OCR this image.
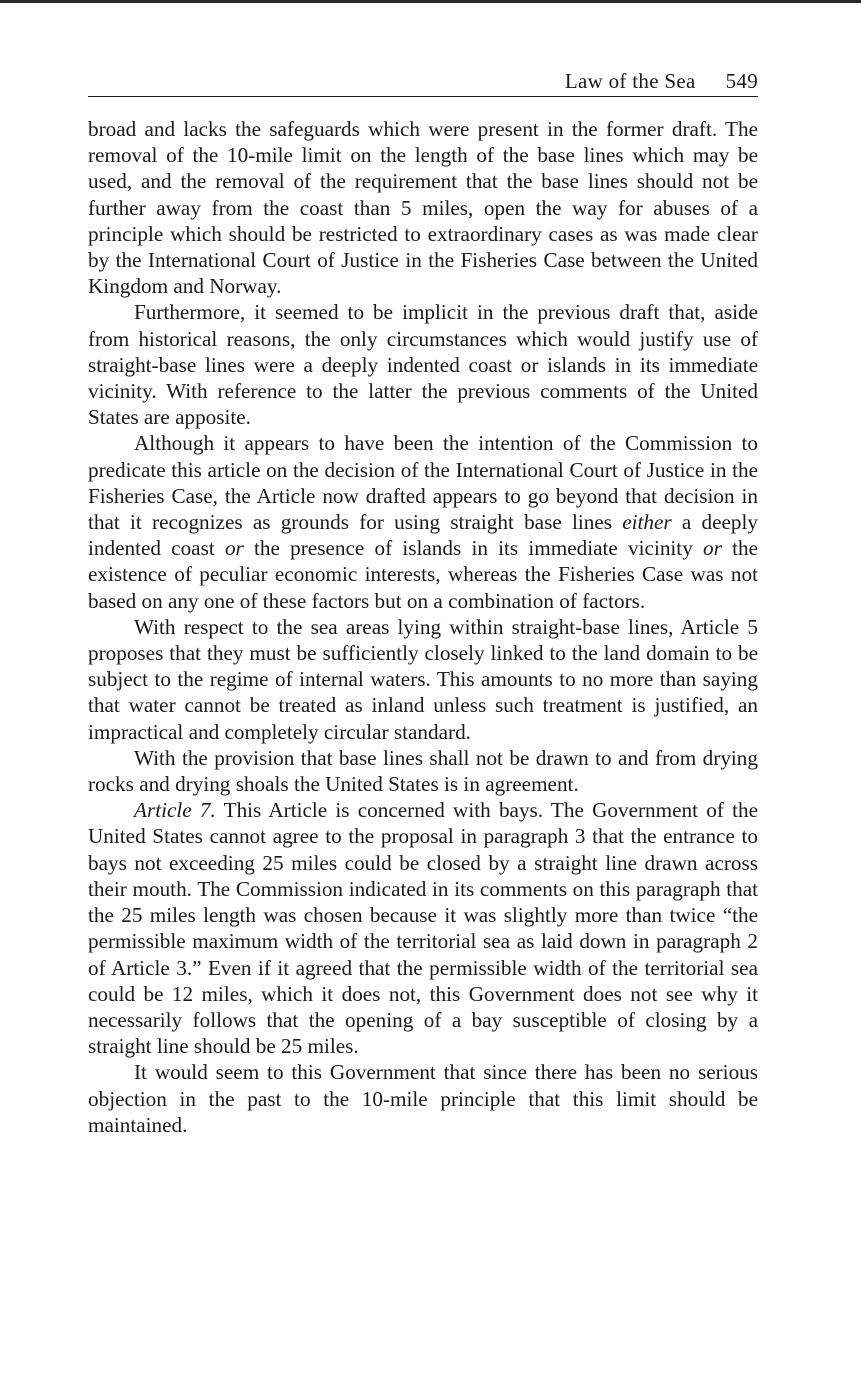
Law of the Sea 549

broad and lacks the safeguards which were present in the former draft. The removal of the 10-mile limit on the length of the base lines which may be used, and the removal of the requirement that the base lines should not be further away from the coast than 5 miles, open the way for abuses of a principle which should be restricted to extraordinary cases as was made clear by the International Court of Justice in the Fisheries Case between the United Kingdom and Norway.

Furthermore, it seemed to be implicit in the previous draft that, aside from historical reasons, the only circumstances which would justify use of straight-base lines were a deeply indented coast or islands in its immediate vicinity. With reference to the latter the previous comments of the United States are apposite.

Although it appears to have been the intention of the Commission to predicate this article on the decision of the International Court of Justice in the Fisheries Case, the Article now drafted appears to go beyond that decision in that it recognizes as grounds for using straight base lines either a deeply indented coast or the presence of islands in its immediate vicinity or the existence of peculiar economic interests, whereas the Fisheries Case was not based on any one of these factors but on a combination of factors.

With respect to the sea areas lying within straight-base lines, Article 5 proposes that they must be sufficiently closely linked to the land domain to be subject to the regime of internal waters. This amounts to no more than saying that water cannot be treated as inland unless such treatment is justified, an impractical and completely circular standard.

With the provision that base lines shall not be drawn to and from drying rocks and drying shoals the United States is in agreement.

Article 7. This Article is concerned with bays. The Government of the United States cannot agree to the proposal in paragraph 3 that the entrance to bays not exceeding 25 miles could be closed by a straight line drawn across their mouth. The Commission indicated in its comments on this paragraph that the 25 miles length was chosen because it was slightly more than twice “the permissible maximum width of the territorial sea as laid down in paragraph 2 of Article 3.” Even if it agreed that the permissible width of the territorial sea could be 12 miles, which it does not, this Government does not see why it necessarily follows that the opening of a bay susceptible of closing by a straight line should be 25 miles.

It would seem to this Government that since there has been no serious objection in the past to the 10-mile principle that this limit should be maintained.
